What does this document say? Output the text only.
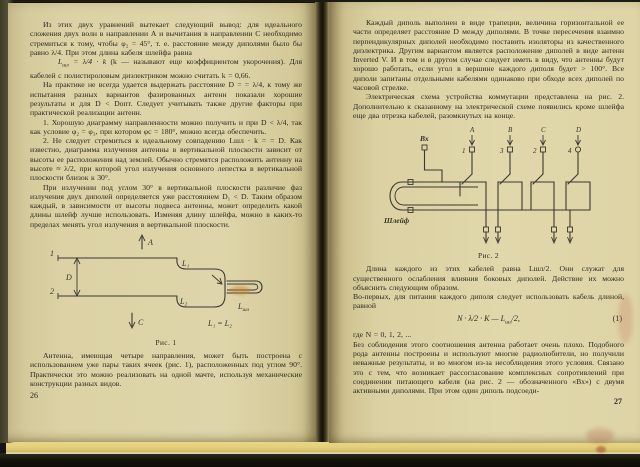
Из этих двух уравнений вытекает следующий вывод: для идеального сложения двух волн в направлении А и вычитания в направлении С необходимо стремиться к тому, чтобы φ₂ = 45°, т. е. расстояние между диполями было бы равно λ/4. При этом длина кабеля шлейфа равна

$L_{шл} = \lambda/4 \cdot k$ (k — называют еще коэффициентом укорочения). Для кабелей с полистироловым диэлектриком можно считать k = 0,66.

На практике не всегда удается выдержать расстояние D = = λ/4, к тому же испытания разных вариантов фазированных антенн показали хорошие результаты и для D < Dопт. Следует учитывать также другие факторы при практической реализации антенн.

1. Хорошую диаграмму направленности можно получить и при D < λ/4, так как условие φ₂ = φ₃, при котором φс = 180°, можно всегда обеспечить.

2. Не следует стремиться к идеальному совпадению Lшл · k = = D. Как известно, диаграмма излучения антенны в вертикальной плоскости зависит от высоты ее расположения над землей. Обычно стремятся расположить антенну на высоте ≈ λ/2, при которой угол излучения основного лепестка в вертикальной плоскости близок к 30°.

При излучении под углом 30° в вертикальной плоскости различие фаз излучения двух диполей определяется уже расстоянием D₁ < D. Таким образом каждый, в зависимости от высоты подвеса антенны, может определить какой длины шлейф лучше использовать. Изменяя длину шлейфа, можно в каких-то пределах менять угол излучения в вертикальной плоскости.

A
1
L₁
2
L₂
D
$L_{шл}$
L₁ = L₂
C

Рис. 1

Антенна, имеющая четыре направления, может быть построена с использованием уже пары таких ячеек (рис. 1), расположенных под углом 90°. Практически это можно реализовать на одной мачте, используя механические конструкции разных видов.

26

Каждый диполь выполнен в виде трапеции, величина горизонтальной ее части определяет расстояние D между диполями. В точке пересечения взаимно перпендикулярных диполей необходимо поставить изоляторы из качественного диэлектрика. Другим вариантом является расположение диполей в виде антенн Inverted V. И в том и в другом случае следует иметь в виду, что антенны будут хорошо работать, если угол в вершине каждого диполя будет > 100°. Все диполи запитаны отдельными кабелями одинаково при обходе всех диполей по часовой стрелке.

Электрическая схема устройства коммутации представлена на рис. 2. Дополнительно к сказанному на электрической схеме появились кроме шлейфа еще два отрезка кабелей, разомкнутых на конце.

Вх
Шлейф
A	B	C	D
1	3	2	4

Рис. 2

Длина каждого из этих кабелей равна Lшл/2. Они служат для существенного ослабления влияния боковых диполей. Действие их можно объяснить следующим образом.

Во-первых, для питания каждого диполя следует использовать кабель длиной, равной

N · λ/2 · K — $L_{шл}/2$,	(1)

где N = 0, 1, 2, ...

Без соблюдения этого соотношения антенна работает очень плохо. Подобного рода антенны построены и используют многие радиолюбители, но получили неважные результаты, и во многом из-за несоблюдения этого условия. Связано это с тем, что возникает рассогласование комплексных сопротивлений при соединении питающего кабеля (на рис. 2 — обозначенного «Вх») с двумя активными диполями. При этом один диполь подсоеди-

27
